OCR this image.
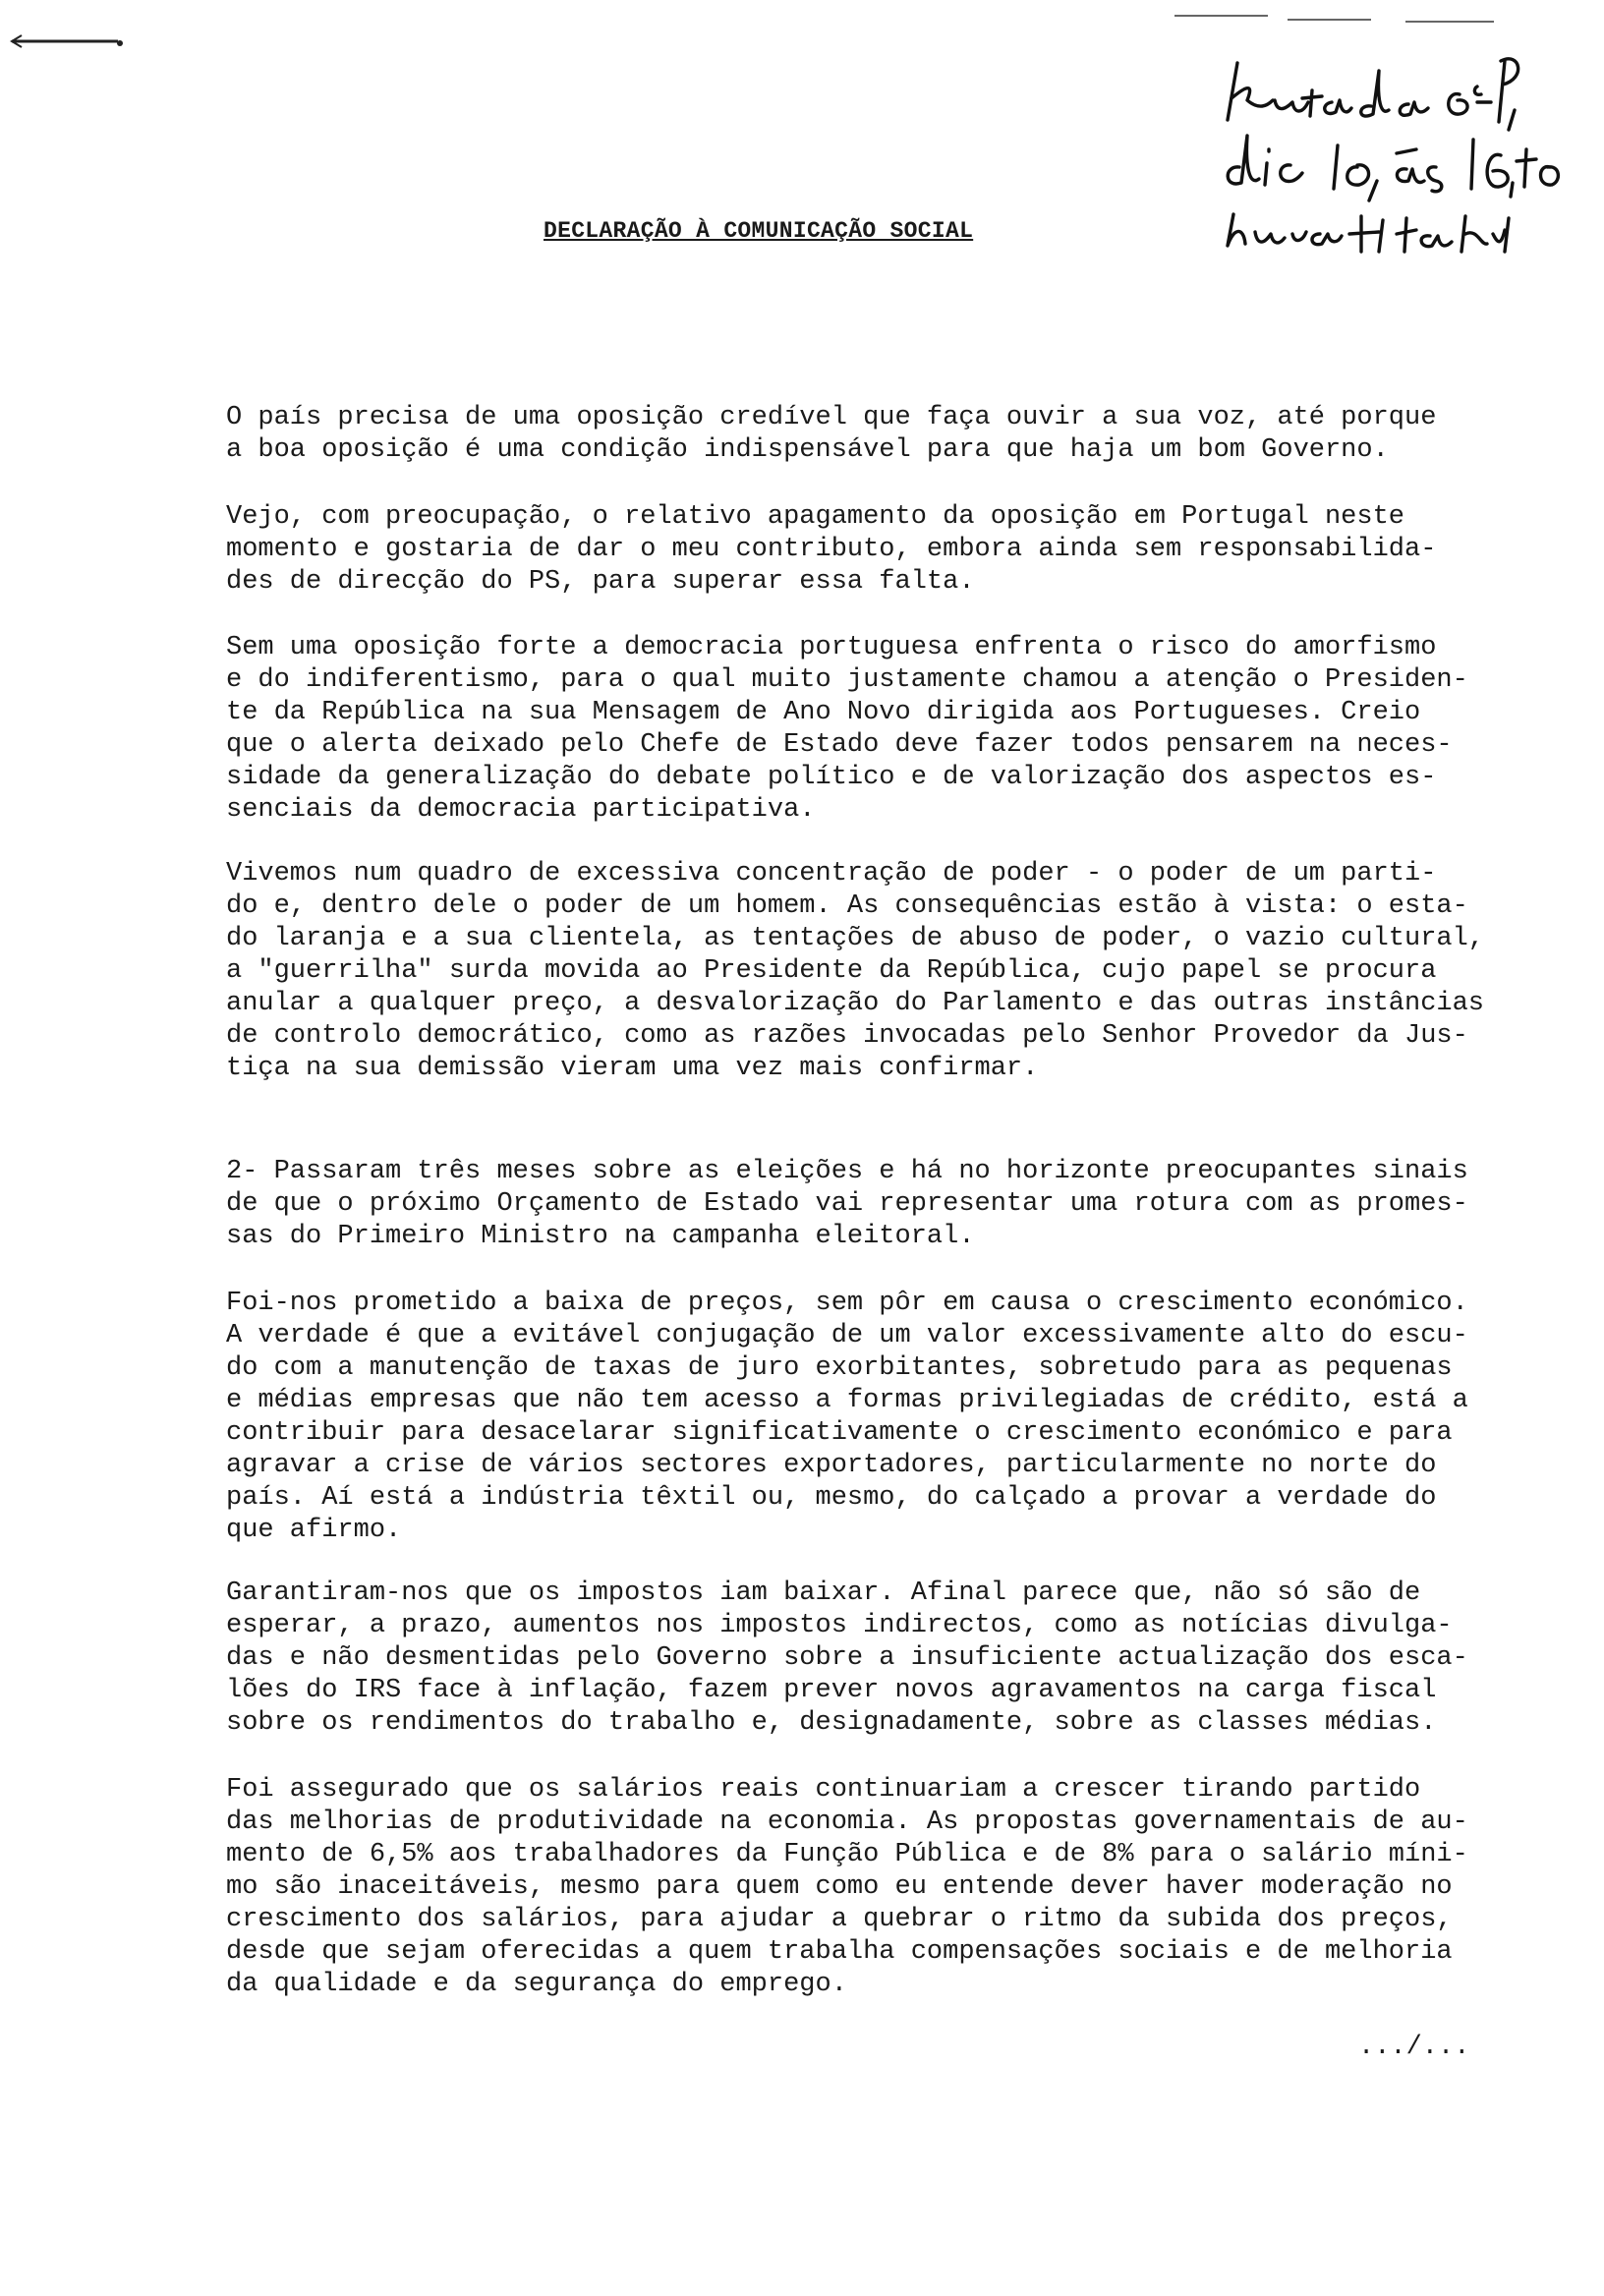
DECLARAÇÃO À COMUNICAÇÃO SOCIAL
O país precisa de uma oposição credível que faça ouvir a sua voz, até porque
a boa oposição é uma condição indispensável para que haja um bom Governo.
Vejo, com preocupação, o relativo apagamento da oposição em Portugal neste
momento e gostaria de dar o meu contributo, embora ainda sem responsabilida-
des de direcção do PS, para superar essa falta.
Sem uma oposição forte a democracia portuguesa enfrenta o risco do amorfismo
e do indiferentismo, para o qual muito justamente chamou a atenção o Presiden-
te da República na sua Mensagem de Ano Novo dirigida aos Portugueses. Creio
que o alerta deixado pelo Chefe de Estado deve fazer todos pensarem na neces-
sidade da generalização do debate político e de valorização dos aspectos es-
senciais da democracia participativa.
Vivemos num quadro de excessiva concentração de poder - o poder de um parti-
do e, dentro dele o poder de um homem. As consequências estão à vista: o esta-
do laranja e a sua clientela, as tentações de abuso de poder, o vazio cultural,
a "guerrilha" surda movida ao Presidente da República, cujo papel se procura
anular a qualquer preço, a desvalorização do Parlamento e das outras instâncias
de controlo democrático, como as razões invocadas pelo Senhor Provedor da Jus-
tiça na sua demissão vieram uma vez mais confirmar.
2- Passaram três meses sobre as eleições e há no horizonte preocupantes sinais
de que o próximo Orçamento de Estado vai representar uma rotura com as promes-
sas do Primeiro Ministro na campanha eleitoral.
Foi-nos prometido a baixa de preços, sem pôr em causa o crescimento económico.
A verdade é que a evitável conjugação de um valor excessivamente alto do escu-
do com a manutenção de taxas de juro exorbitantes, sobretudo para as pequenas
e médias empresas que não tem acesso a formas privilegiadas de crédito, está a
contribuir para desacelarar significativamente o crescimento económico e para
agravar a crise de vários sectores exportadores, particularmente no norte do
país. Aí está a indústria têxtil ou, mesmo, do calçado a provar a verdade do
que afirmo.
Garantiram-nos que os impostos iam baixar. Afinal parece que, não só são de
esperar, a prazo, aumentos nos impostos indirectos, como as notícias divulga-
das e não desmentidas pelo Governo sobre a insuficiente actualização dos esca-
lões do IRS face à inflação, fazem prever novos agravamentos na carga fiscal
sobre os rendimentos do trabalho e, designadamente, sobre as classes médias.
Foi assegurado que os salários reais continuariam a crescer tirando partido
das melhorias de produtividade na economia. As propostas governamentais de au-
mento de 6,5% aos trabalhadores da Função Pública e de 8% para o salário míni-
mo são inaceitáveis, mesmo para quem como eu entende dever haver moderação no
crescimento dos salários, para ajudar a quebrar o ritmo da subida dos preços,
desde que sejam oferecidas a quem trabalha compensações sociais e de melhoria
da qualidade e da segurança do emprego.
.../...
